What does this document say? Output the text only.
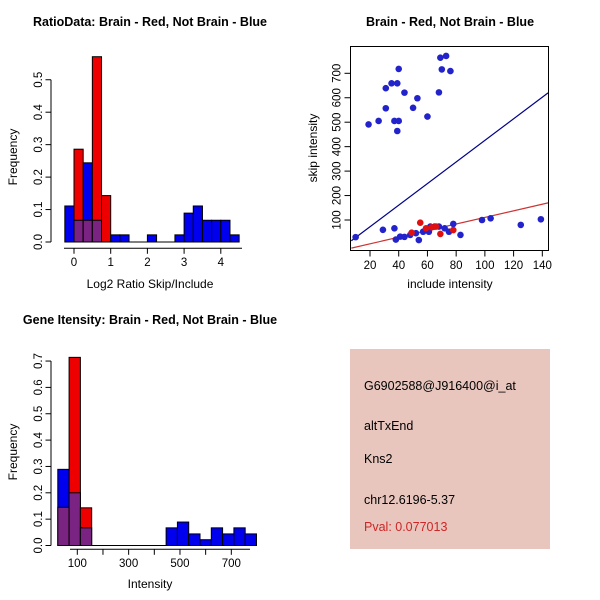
RatioData: Brain - Red, Not Brain - Blue
Frequency
Log2 Ratio Skip/Include
0.0
0.1
0.2
0.3
0.4
0.5
0	1	2	3	4
Brain - Red, Not Brain - Blue
skip intensity
include intensity
20 40 60 80 100 120 140
100
200
300
400
500
600
700
Gene Itensity: Brain - Red, Not Brain - Blue
Frequency
Intensity
0.0
0.1
0.2
0.3
0.4
0.5
0.6
0.7
100	300	500	700
G6902588@J916400@i_at
altTxEnd
Kns2
chr12.6196-5.37
Pval: 0.077013
